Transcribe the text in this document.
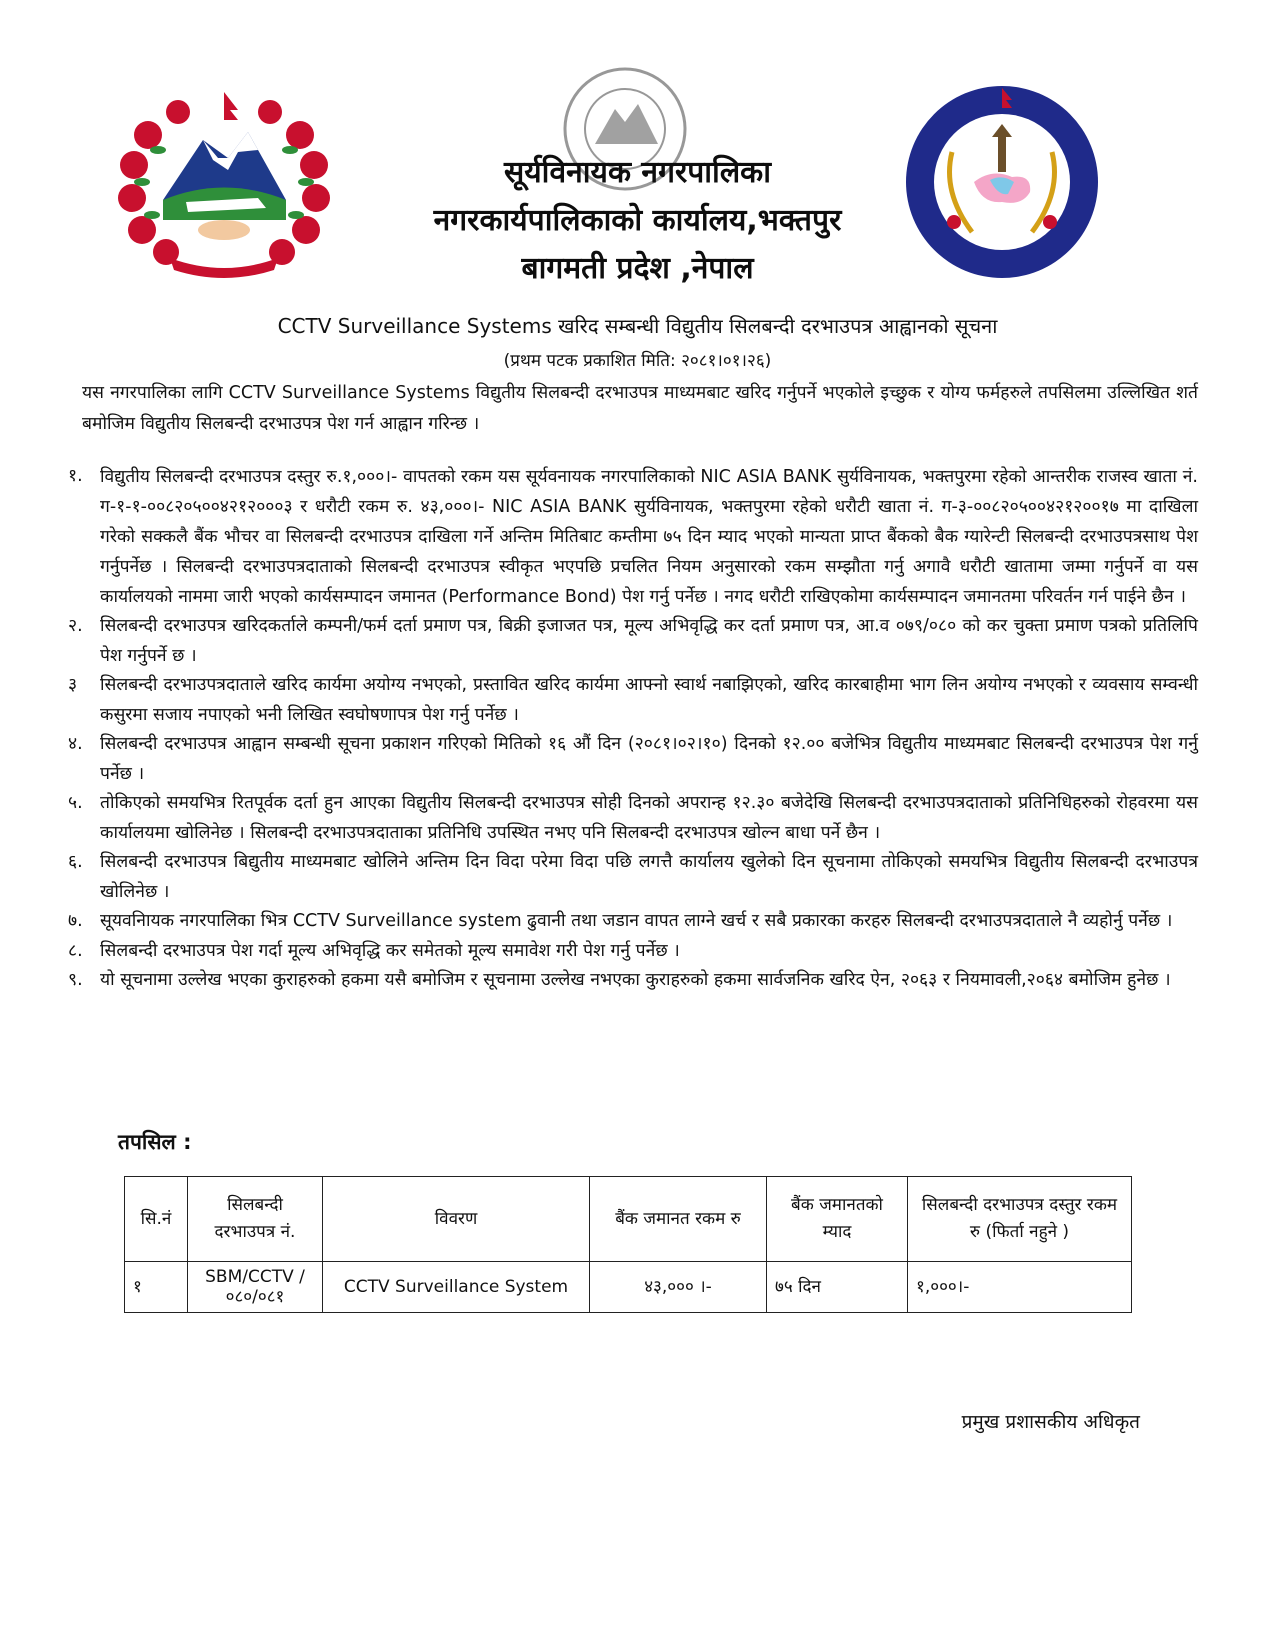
सूर्यविनायक नगरपालिका
नगरकार्यपालिकाको कार्यालय,भक्तपुर
बागमती प्रदेश ,नेपाल
CCTV Surveillance Systems खरिद सम्बन्धी विद्युतीय सिलबन्दी दरभाउपत्र आह्वानको सूचना
(प्रथम पटक प्रकाशित मिति: २०८१।०१।२६)
यस नगरपालिका लागि CCTV Surveillance Systems विद्युतीय सिलबन्दी दरभाउपत्र माध्यमबाट खरिद गर्नुपर्ने भएकोले इच्छुक र योग्य फर्महरुले तपसिलमा उल्लिखित शर्त बमोजिम विद्युतीय सिलबन्दी दरभाउपत्र पेश गर्न आह्वान गरिन्छ ।
१. विद्युतीय सिलबन्दी दरभाउपत्र दस्तुर रु.१,०००।- वापतको रकम यस सूर्यवनायक नगरपालिकाको NIC ASIA BANK सुर्यविनायक, भक्तपुरमा रहेको आन्तरीक राजस्व खाता नं. ग-१-१-००८२०५००४२१२०००३ र धरौटी रकम रु. ४३,०००।- NIC ASIA BANK सुर्यविनायक, भक्तपुरमा रहेको धरौटी खाता नं. ग-३-००८२०५००४२१२००१७ मा दाखिला गरेको सक्कलै बैंक भौचर वा सिलबन्दी दरभाउपत्र दाखिला गर्ने अन्तिम मितिबाट कम्तीमा ७५ दिन म्याद भएको मान्यता प्राप्त बैंकको बैक ग्यारेन्टी सिलबन्दी दरभाउपत्रसाथ पेश गर्नुपर्नेछ । सिलबन्दी दरभाउपत्रदाताको सिलबन्दी दरभाउपत्र स्वीकृत भएपछि प्रचलित नियम अनुसारको रकम सम्झौता गर्नु अगावै धरौटी खातामा जम्मा गर्नुपर्ने वा यस कार्यालयको नाममा जारी भएको कार्यसम्पादन जमानत (Performance Bond) पेश गर्नु पर्नेछ । नगद धरौटी राखिएकोमा कार्यसम्पादन जमानतमा परिवर्तन गर्न पाईने छैन ।
२. सिलबन्दी दरभाउपत्र खरिदकर्ताले कम्पनी/फर्म दर्ता प्रमाण पत्र, बिक्री इजाजत पत्र, मूल्य अभिवृद्धि कर दर्ता प्रमाण पत्र, आ.व ०७९/०८० को कर चुक्ता प्रमाण पत्रको प्रतिलिपि पेश गर्नुपर्ने छ ।
३	सिलबन्दी दरभाउपत्रदाताले खरिद कार्यमा अयोग्य नभएको, प्रस्तावित खरिद कार्यमा आफ्नो स्वार्थ नबाझिएको, खरिद कारबाहीमा भाग लिन अयोग्य नभएको र व्यवसाय सम्वन्धी कसुरमा सजाय नपाएको भनी लिखित स्वघोषणापत्र पेश गर्नु पर्नेछ ।
४. सिलबन्दी दरभाउपत्र आह्वान सम्बन्धी सूचना प्रकाशन गरिएको मितिको १६ औं दिन (२०८१।०२।१०) दिनको १२.०० बजेभित्र विद्युतीय माध्यमबाट सिलबन्दी दरभाउपत्र पेश गर्नु पर्नेछ ।
५. तोकिएको समयभित्र रितपूर्वक दर्ता हुन आएका विद्युतीय सिलबन्दी दरभाउपत्र सोही दिनको अपरान्ह १२.३० बजेदेखि सिलबन्दी दरभाउपत्रदाताको प्रतिनिधिहरुको रोहवरमा यस कार्यालयमा खोलिनेछ । सिलबन्दी दरभाउपत्रदाताका प्रतिनिधि उपस्थित नभए पनि सिलबन्दी दरभाउपत्र खोल्न बाधा पर्ने छैन ।
६. सिलबन्दी दरभाउपत्र बिद्युतीय माध्यमबाट खोलिने अन्तिम दिन विदा परेमा विदा पछि लगत्तै कार्यालय खुलेको दिन सूचनामा तोकिएको समयभित्र विद्युतीय सिलबन्दी दरभाउपत्र खोलिनेछ ।
७. सूयवनिायक नगरपालिका भित्र CCTV Surveillance system ढुवानी तथा जडान वापत लाग्ने खर्च र सबै प्रकारका करहरु सिलबन्दी दरभाउपत्रदाताले नै व्यहोर्नु पर्नेछ ।
८. सिलबन्दी दरभाउपत्र पेश गर्दा मूल्य अभिवृद्धि कर समेतको मूल्य समावेश गरी पेश गर्नु पर्नेछ ।
९. यो सूचनामा उल्लेख भएका कुराहरुको हकमा यसै बमोजिम र सूचनामा उल्लेख नभएका कुराहरुको हकमा सार्वजनिक खरिद ऐन, २०६३ र नियमावली,२०६४ बमोजिम हुनेछ ।
तपसिल :
सि.नं	सिलबन्दी दरभाउपत्र नं.	विवरण	बैंक जमानत रकम रु	बैंक जमानतको म्याद	सिलबन्दी दरभाउपत्र दस्तुर रकम रु (फिर्ता नहुने )
१	SBM/CCTV /०८०/०८१	CCTV Surveillance System	४३,००० ।-	७५ दिन	१,०००।-
प्रमुख प्रशासकीय अधिकृत
